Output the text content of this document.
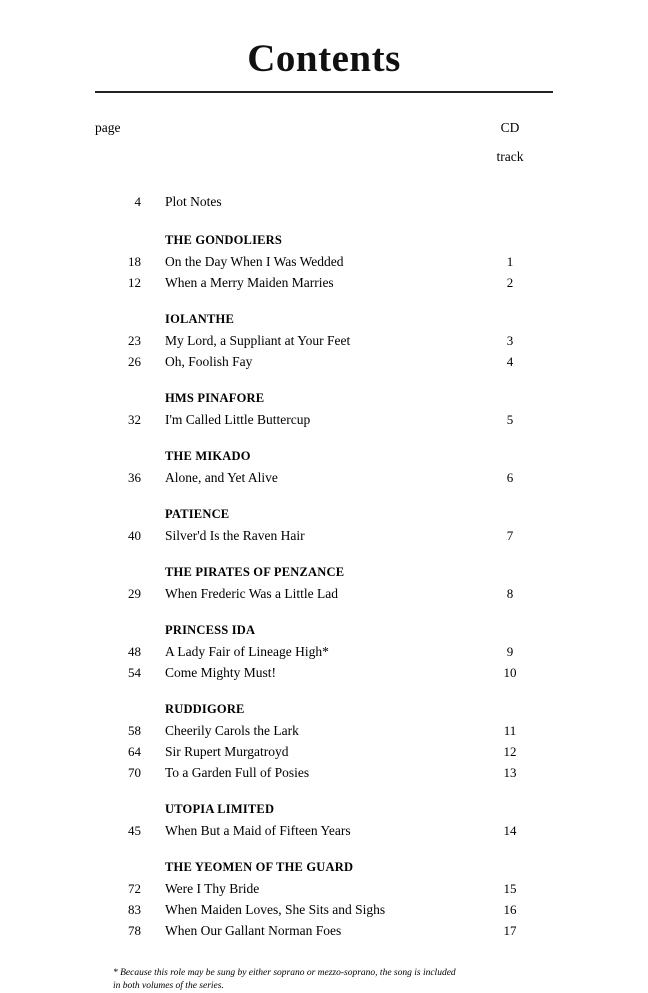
Contents
page	CD
track
4	Plot Notes
THE GONDOLIERS
18	On the Day When I Was Wedded	1
12	When a Merry Maiden Marries	2
IOLANTHE
23	My Lord, a Suppliant at Your Feet	3
26	Oh, Foolish Fay	4
HMS PINAFORE
32	I'm Called Little Buttercup	5
THE MIKADO
36	Alone, and Yet Alive	6
PATIENCE
40	Silver'd Is the Raven Hair	7
THE PIRATES OF PENZANCE
29	When Frederic Was a Little Lad	8
PRINCESS IDA
48	A Lady Fair of Lineage High*	9
54	Come Mighty Must!	10
RUDDIGORE
58	Cheerily Carols the Lark	11
64	Sir Rupert Murgatroyd	12
70	To a Garden Full of Posies	13
UTOPIA LIMITED
45	When But a Maid of Fifteen Years	14
THE YEOMEN OF THE GUARD
72	Were I Thy Bride	15
83	When Maiden Loves, She Sits and Sighs	16
78	When Our Gallant Norman Foes	17
* Because this role may be sung by either soprano or mezzo-soprano, the song is included in both volumes of the series.
